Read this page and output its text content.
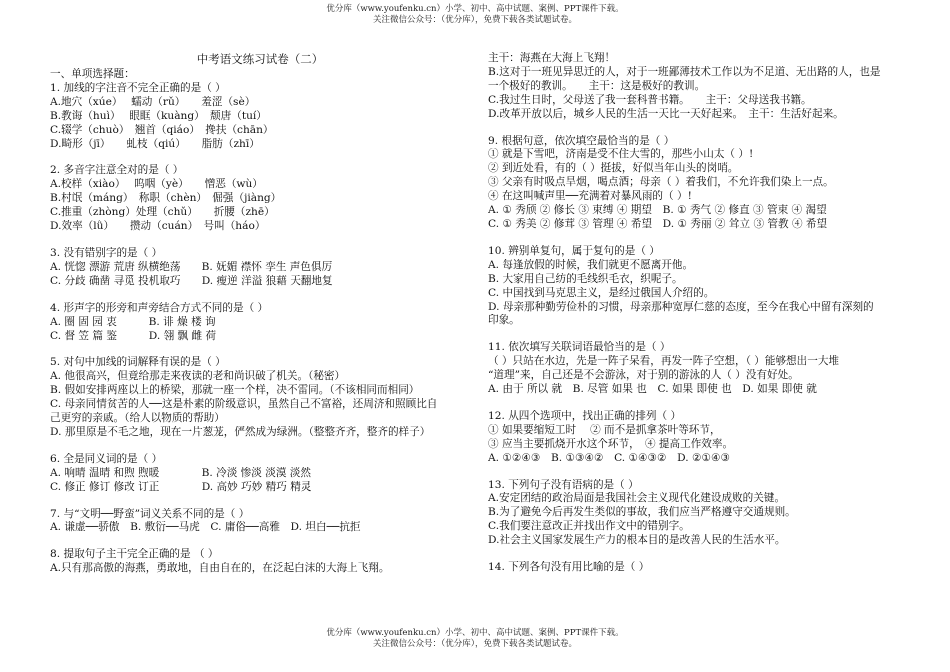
优分库（www.youfenku.cn）小学、初中、高中试题、案例、PPT课件下载。
关注微信公众号：（优分库），免费下载各类试题试卷。
中考语文练习试卷（二）
一、单项选择题：
1. 加线的字注音不完全正确的是（ ）
A.地穴（xúe）　 蠕动（rǔ）　　羞涩（sè）
B.教诲（huì）　 眼眶（kuàng）　颓唐（tuí）
C.辍学（chuò）　翘首（qiáo）　搀扶（chān）
D.畸形（jī）　　虬枝（qiú）　　脂肪（zhī）
2. 多音字注意全对的是（ ）
A.校样（xiào）　 呜咽（yè）　　憎恶（wù）
B.村氓（máng）　称职（chèn）　倔强（jiàng）
C.推重（zhòng）处理（chǔ）　　折腰（zhē）
D.效率（lǜ）　　攒动（cuán）　号叫（háo）
3. 没有错别字的是（ ）
A. 恍惚 漂游 荒唐 纵横绝荡　　B. 妩媚 襟怀 孪生 声色俱厉
C. 分歧 确凿 寻觅 投机取巧　　D. 瘦逆 洋溢 狼藉 天翻地复
4. 形声字的形旁和声旁结合方式不同的是（ ）
A. 圈 固 园 衷　　　B. 诽 燥 楼 询
C. 督 笠 篇 鉴　　　D. 翎 飘 雌 荷
5. 对句中加线的词解释有误的是（ ）
A. 他很高兴，但竟给那走来夜读的老和尚识破了机关。（秘密）
B. 假如安排两座以上的桥梁，那就一座一个样，决不雷同。（不该相同而相同）
C. 母亲同情贫苦的人──这是朴素的阶级意识，虽然自己不富裕，还周济和照顾比自
己更穷的亲戚。（给人以物质的帮助）
D. 那里原是不毛之地，现在一片葱茏，俨然成为绿洲。（整整齐齐，整齐的样子）
6. 全是同义词的是（ ）
A. 响晴 温晴 和煦 煦暖　　　　B. 冷淡 惨淡 淡漠 淡然
C. 修正 修订 修改 订正　　　　D. 高妙 巧妙 精巧 精灵
7. 与“文明──野蛮”词义关系不同的是（ ）
A. 谦虚──骄傲　B. 敷衍──马虎　C. 庸俗──高雅　D. 坦白──抗拒
8. 提取句子主干完全正确的是 （ ）
A.只有那高傲的海燕，勇敢地，自由自在的，在泛起白沫的大海上飞翔。
主干：海燕在大海上飞翔！
B.这对于一班见异思迁的人，对于一班鄙薄技术工作以为不足道、无出路的人，也是
一个极好的教训。　　主干：这是极好的教训。
C.我过生日时，父母送了我一套科普书籍。　　主干：父母送我书籍。
D.改革开放以后，城乡人民的生活一天比一天好起来。　主干：生活好起来。
9. 根据句意，依次填空最恰当的是（ ）
① 就是下雪吧，济南是受不住大雪的，那些小山太（ ）!
② 到近处看，有的（ ）挺拔，好似当年山头的岗哨。
③ 父亲有时吸点旱烟，喝点酒；母亲（ ）着我们，不允许我们染上一点。
④ 在这叫喊声里──充满着对暴风雨的（ ）!
A. ① 秀颀 ② 修长 ③ 束缚 ④ 期望　B. ① 秀气 ② 修直 ③ 管束 ④ 渴望
C. ① 秀美 ② 修茸 ③ 管理 ④ 希望　D. ① 秀丽 ② 耸立 ③ 管教 ④ 希望
10. 辨别单复句，属于复句的是（ ）
A. 每逢放假的时候，我们就更不愿离开他。
B. 大家用自己纺的毛线织毛衣，织呢子。
C. 中国找到马克思主义，是经过俄国人介绍的。
D. 母亲那种勤劳俭朴的习惯，母亲那种宽厚仁慈的态度，至今在我心中留有深刻的
印象。
11. 依次填写关联词语最恰当的是（ ）
（ ）只站在水边，先是一阵子呆看，再发一阵子空想，（ ）能够想出一大堆
“道理”来，自己还是不会游泳，对于别的游泳的人（ ）没有好处。
A. 由于 所以 就　B. 尽管 如果 也　C. 如果 即使 也　D. 如果 即使 就
12. 从四个选项中，找出正确的排列（ ）
① 如果要缩短工时　 ② 而不是抓拿茶叶等环节，
③ 应当主要抓烧开水这个环节，　④ 提高工作效率。
A. ①②④③　B. ①③④②　C. ①④③②　D. ②①④③
13. 下列句子没有语病的是（ ）
A.安定团结的政治局面是我国社会主义现代化建设成败的关键。
B.为了避免今后再发生类似的事故，我们应当严格遵守交通规则。
C.我们要注意改正并找出作文中的错别字。
D.社会主义国家发展生产力的根本目的是改善人民的生活水平。
14. 下列各句没有用比喻的是（ ）
优分库（www.youfenku.cn）小学、初中、高中试题、案例、PPT课件下载。
关注微信公众号：（优分库），免费下载各类试题试卷。
